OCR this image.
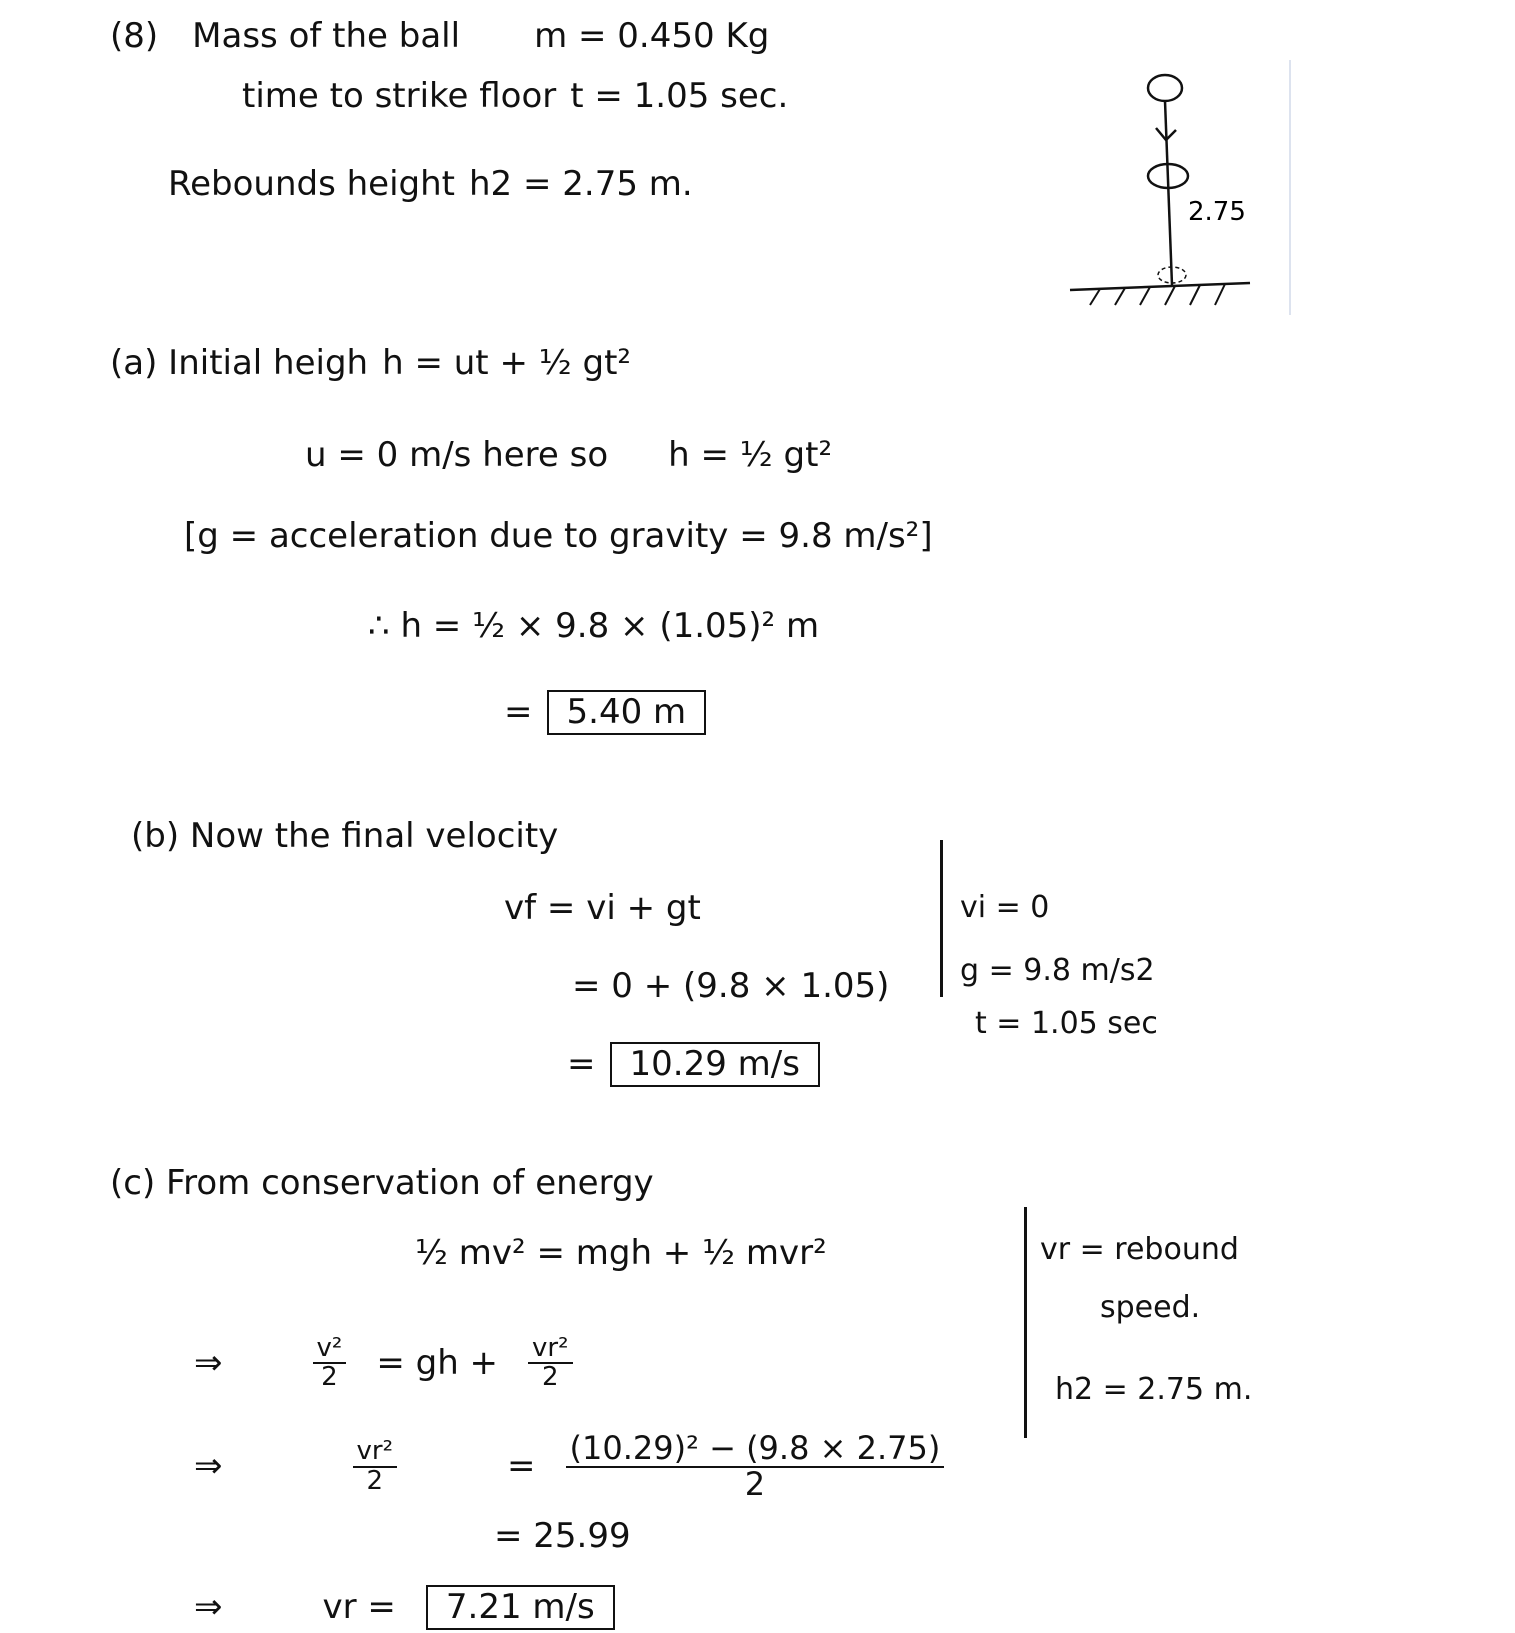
(8) Mass of the ball m = 0.450 Kg
time to strike floor t = 1.05 sec.
Rebounds height h2 = 2.75 m.
2.75
(a) Initial heigh h = ut + ½ gt²
u = 0 m/s here so h = ½ gt²
[g = acceleration due to gravity = 9.8 m/s²]
∴ h = ½ × 9.8 × (1.05)² m
=	5.40 m
(b) Now the final velocity
vf = vi + gt
= 0 + (9.8 × 1.05)
=	10.29 m/s
vi = 0
g = 9.8 m/s2
t = 1.05 sec
(c) From conservation of energy
½ mv² = mgh + ½ mvr²	vr = rebound
speed.
h2 = 2.75 m.
⇒	$\frac{\text{v²}}{2}$ = gh + $\frac{\text{vr²}}{2}$
⇒	$\frac{\text{vr²}}{2}$	= $\frac{\text{(10.29)² − (9.8 × 2.75)}}{2}$
= 25.99
⇒	vr =	7.21 m/s
